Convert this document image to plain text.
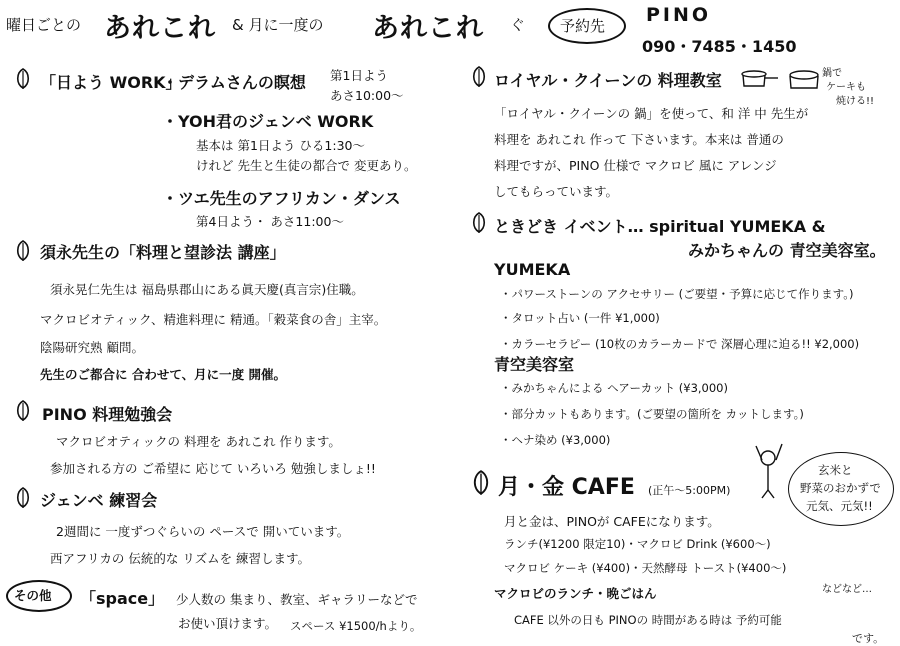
曜日ごとの あれこれ & 月に一度の あれこれ ぐ 予約先 PINO
090・7485・1450
「日よう WORK」
・デラムさんの瞑想 第1日よう
あさ10:00〜
・YOH君のジェンベ WORK
基本は 第1日よう ひる1:30〜
けれど 先生と生徒の都合で 変更あり。
・ツエ先生のアフリカン・ダンス
第4日よう・ あさ11:00〜
須永先生の「料理と望診法 講座」
須永晃仁先生は 福島県郡山にある眞天慶(真言宗)住職。
マクロビオティック、精進料理に 精通。「穀菜食の舎」主宰。
陰陽研究熟 顧問。
先生のご都合に 合わせて、月に一度 開催。
PINO 料理勉強会
マクロビオティックの 料理を あれこれ 作ります。
参加される方の ご希望に 応じて いろいろ 勉強しましょ!!
ジェンベ 練習会
2週間に 一度ずつぐらいの ペースで 開いています。
西アフリカの 伝統的な リズムを 練習します。
その他 「space」 少人数の 集まり、教室、ギャラリーなどで
お使い頂けます。 スペース ¥1500/hより。
ロイヤル・クイーンの 料理教室	鍋で
ケーキも
焼ける!!
「ロイヤル・クイーンの 鍋」を使って、和 洋 中 先生が
料理を あれこれ 作って 下さいます。本来は 普通の
料理ですが、PINO 仕様で マクロビ 風に アレンジ
してもらっています。
ときどき イベント… spiritual YUMEKA &
みかちゃんの 青空美容室。
YUMEKA
・パワーストーンの アクセサリー (ご要望・予算に応じて作ります。)
・タロット占い (一件 ¥1,000)
・カラーセラピー (10枚のカラーカードで 深層心理に迫る!! ¥2,000)
青空美容室
・みかちゃんによる ヘアーカット (¥3,000)
・部分カットもあります。(ご要望の箇所を カットします。)
・ヘナ染め (¥3,000)
玄米と
野菜のおかずで
元気、元気!!
月・金 CAFE (正午〜5:00PM)
月と金は、PINOが CAFEになります。
ランチ(¥1200 限定10)・マクロビ Drink (¥600〜)
マクロビ ケーキ (¥400)・天然酵母 トースト(¥400〜)
などなど…
マクロビのランチ・晩ごはん
CAFE 以外の日も PINOの 時間がある時は 予約可能
です。
